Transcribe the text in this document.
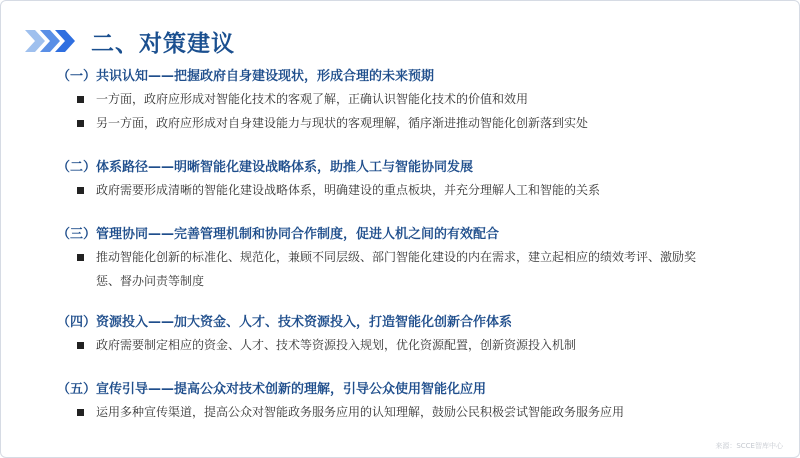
二、对策建议
（一）共识认知——把握政府自身建设现状，形成合理的未来预期
一方面，政府应形成对智能化技术的客观了解，正确认识智能化技术的价值和效用
另一方面，政府应形成对自身建设能力与现状的客观理解，循序渐进推动智能化创新落到实处
（二）体系路径——明晰智能化建设战略体系，助推人工与智能协同发展
政府需要形成清晰的智能化建设战略体系，明确建设的重点板块，并充分理解人工和智能的关系
（三）管理协同——完善管理机制和协同合作制度，促进人机之间的有效配合
推动智能化创新的标准化、规范化，兼顾不同层级、部门智能化建设的内在需求，建立起相应的绩效考评、激励奖惩、督办问责等制度
（四）资源投入——加大资金、人才、技术资源投入，打造智能化创新合作体系
政府需要制定相应的资金、人才、技术等资源投入规划，优化资源配置，创新资源投入机制
（五）宣传引导——提高公众对技术创新的理解，引导公众使用智能化应用
运用多种宣传渠道，提高公众对智能政务服务应用的认知理解，鼓励公民积极尝试智能政务服务应用
来源：SCCE智库中心
